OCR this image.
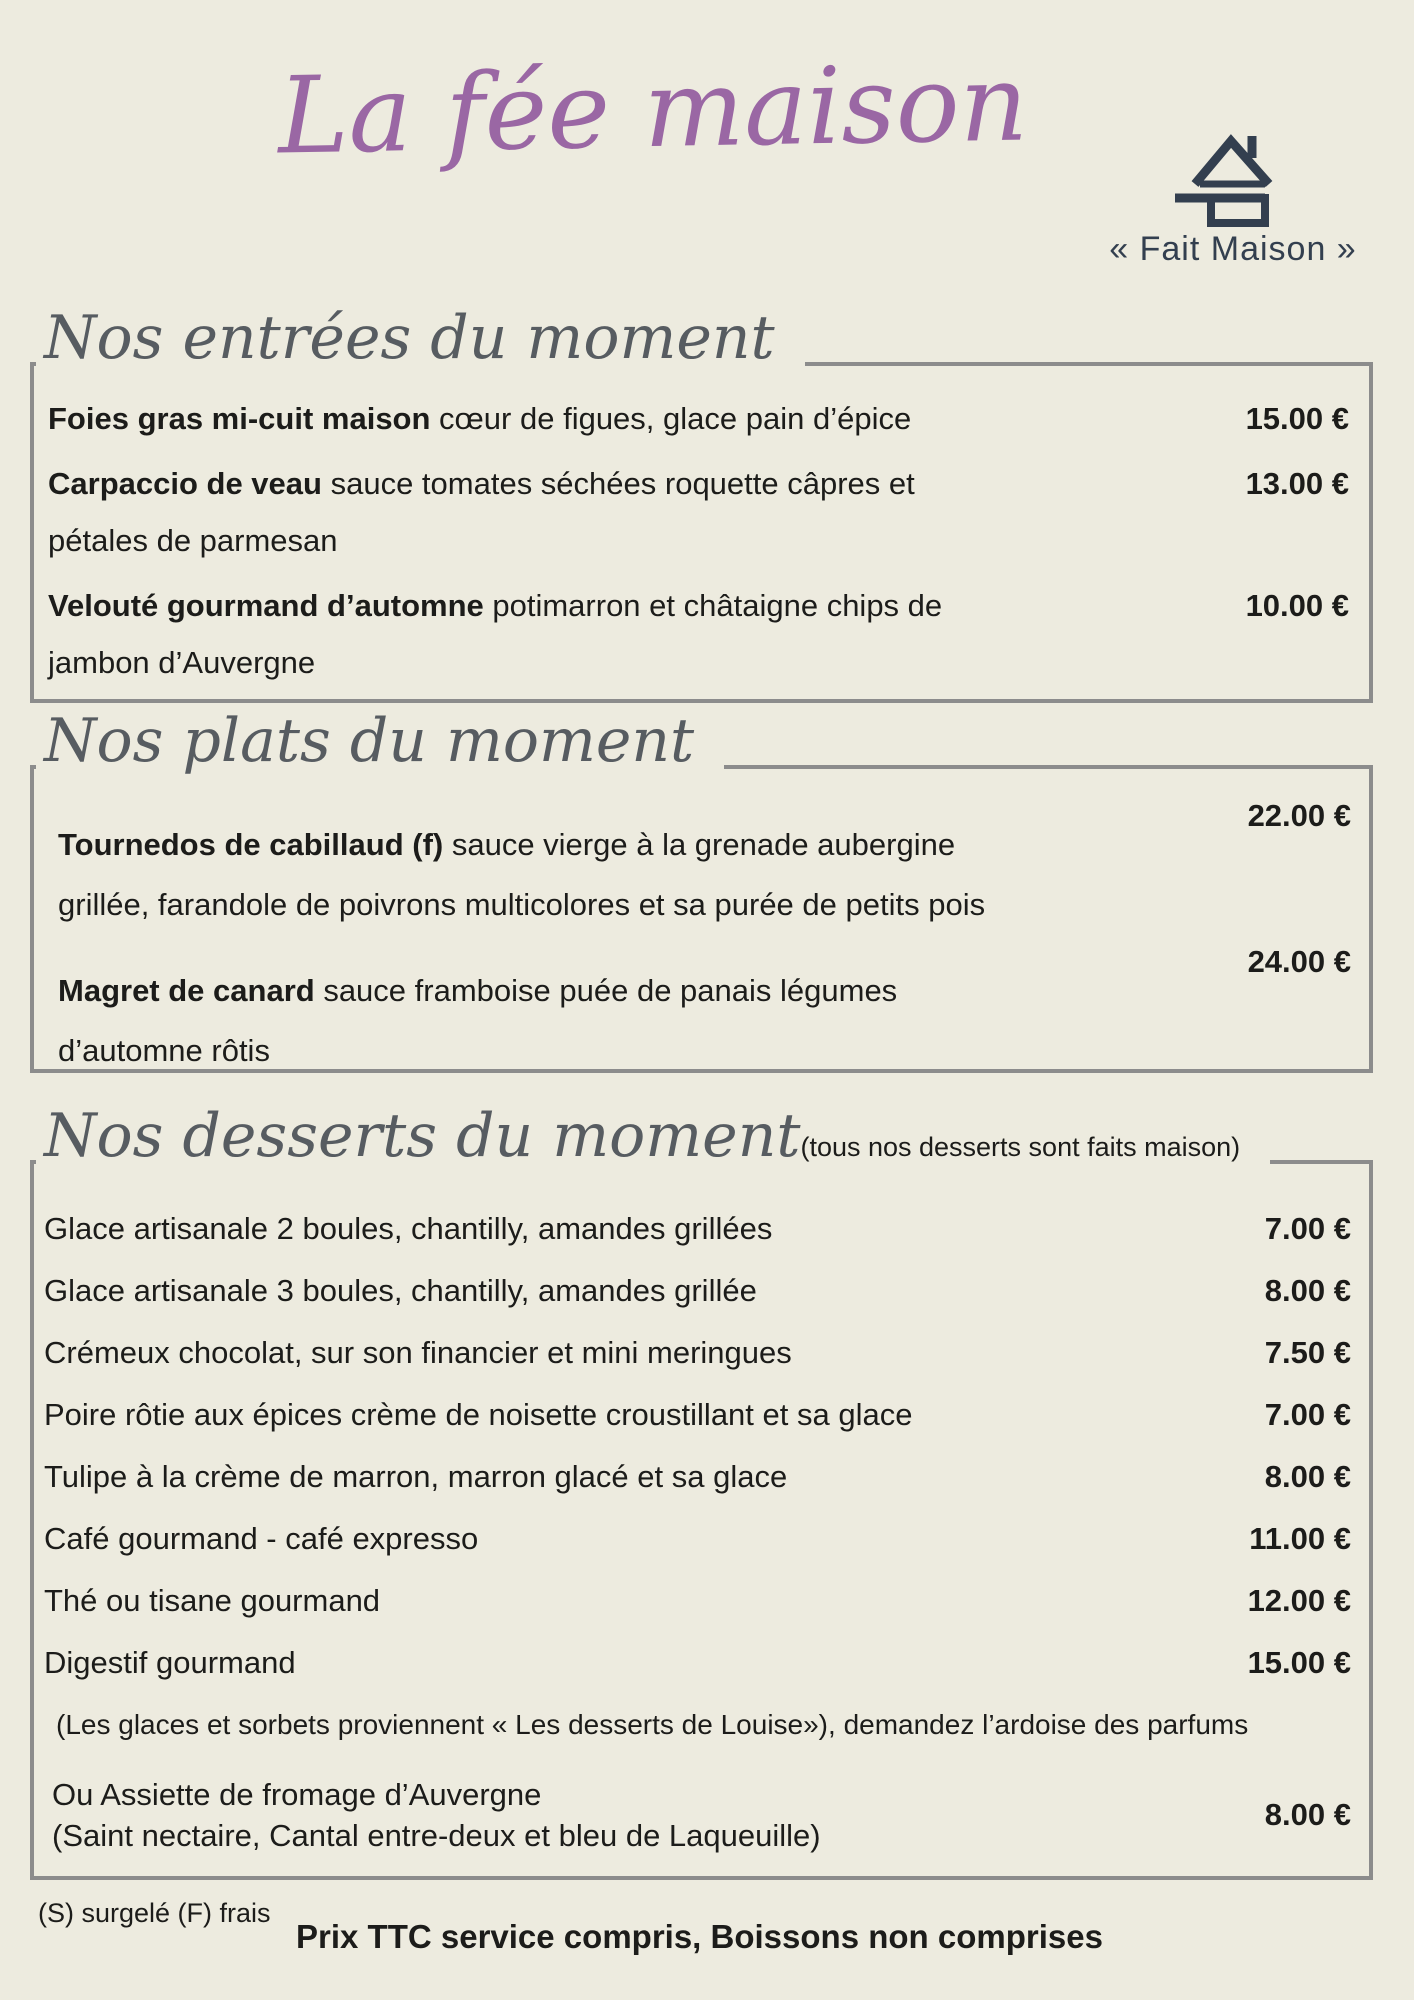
La fée maison
« Fait Maison »
Nos entrées du moment
Foies gras mi-cuit maison cœur de figues, glace pain d’épice	15.00 €
Carpaccio de veau sauce tomates séchées roquette câpres et
pétales de parmesan
13.00 €
Velouté gourmand d’automne potimarron et châtaigne chips de
jambon d’Auvergne
10.00 €
Nos plats du moment
Tournedos de cabillaud (f) sauce vierge à la grenade aubergine
grillée, farandole de poivrons multicolores et sa purée de petits pois
22.00 €
Magret de canard sauce framboise puée de panais légumes
d’automne rôtis
24.00 €
Nos desserts du moment(tous nos desserts sont faits maison)
Glace artisanale 2 boules, chantilly, amandes grillées	7.00 €
Glace artisanale 3 boules, chantilly, amandes grillée	8.00 €
Crémeux chocolat, sur son financier et mini meringues	7.50 €
Poire rôtie aux épices crème de noisette croustillant et sa glace	7.00 €
Tulipe à la crème de marron, marron glacé et sa glace	8.00 €
Café gourmand - café expresso	11.00 €
Thé ou tisane gourmand	12.00 €
Digestif gourmand	15.00 €
(Les glaces et sorbets proviennent « Les desserts de Louise»), demandez l’ardoise des parfums
Ou Assiette de fromage d’Auvergne
(Saint nectaire, Cantal entre-deux et bleu de Laqueuille)
8.00 €
(S) surgelé (F) frais
Prix TTC service compris, Boissons non comprises
